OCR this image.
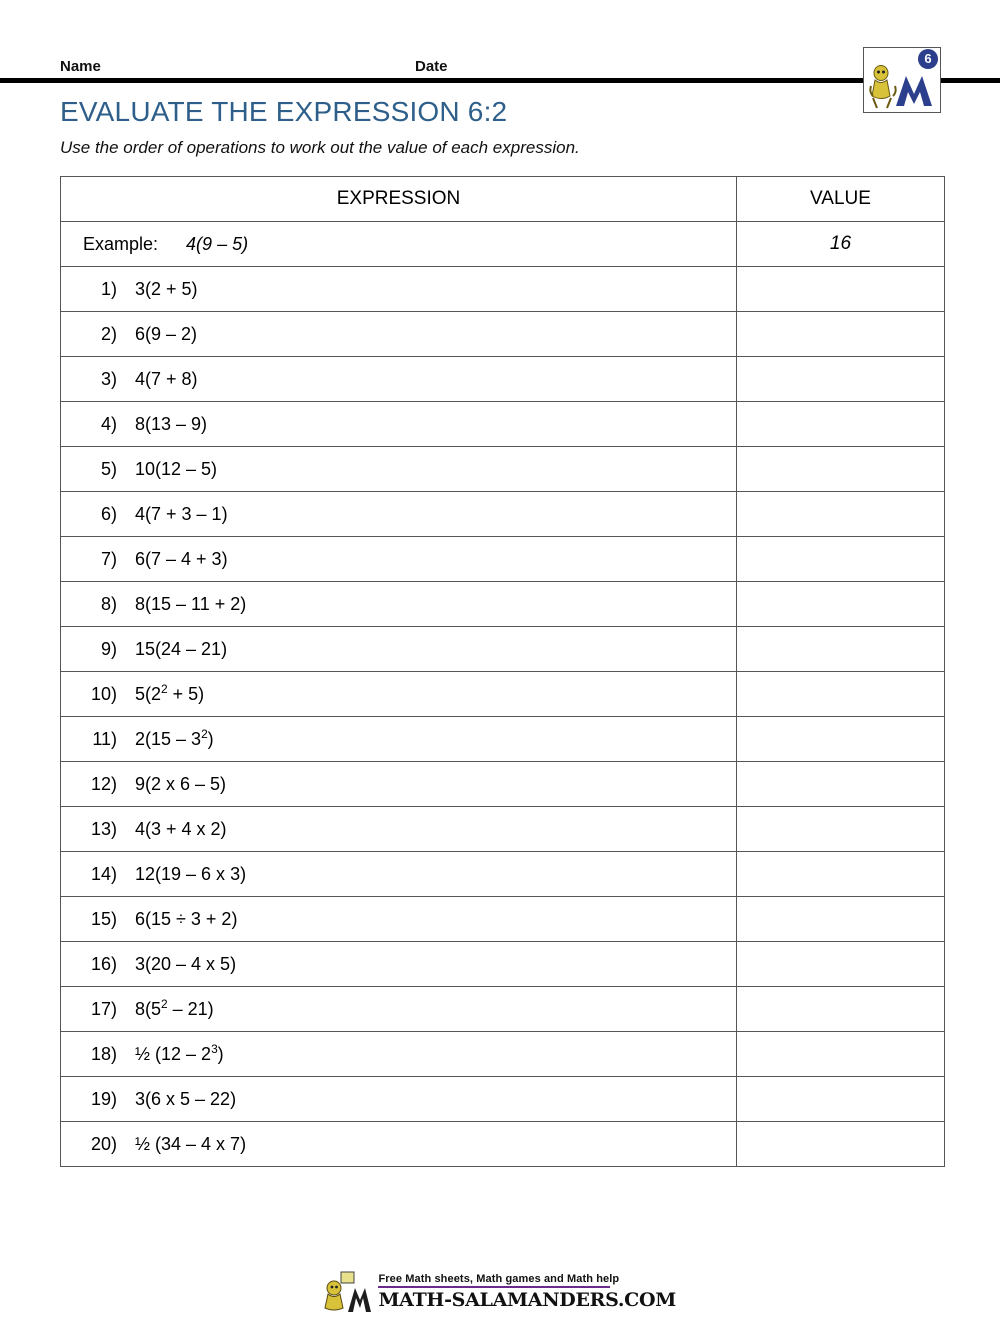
Name	Date	6
EVALUATE THE EXPRESSION 6:2

Use the order of operations to work out the value of each expression.

EXPRESSION	VALUE
Example: 4(9 – 5)	16

1) 3(2 + 5)	

2) 6(9 – 2)	

3) 4(7 + 8)	

4) 8(13 – 9)	

5) 10(12 – 5)	

6) 4(7 + 3 – 1)	

7) 6(7 – 4 + 3)	

8) 8(15 – 11 + 2)	

9) 15(24 – 21)	

10) $5(2^2 + 5)$	

11) $2(15 - 3^2)$	

12) 9(2 x 6 – 5)	

13) 4(3 + 4 x 2)	

14) 12(19 – 6 x 3)	

15) 6(15 ÷ 3 + 2)	

16) 3(20 – 4 x 5)	

17) $8(5^2 - 21)$	

18) ½ $(12 - 2^3)$	

19) 3(6 x 5 – 22)	

20) ½ (34 – 4 x 7)	

Free Math sheets, Math games and Math help
MATH-SALAMANDERS.COM
